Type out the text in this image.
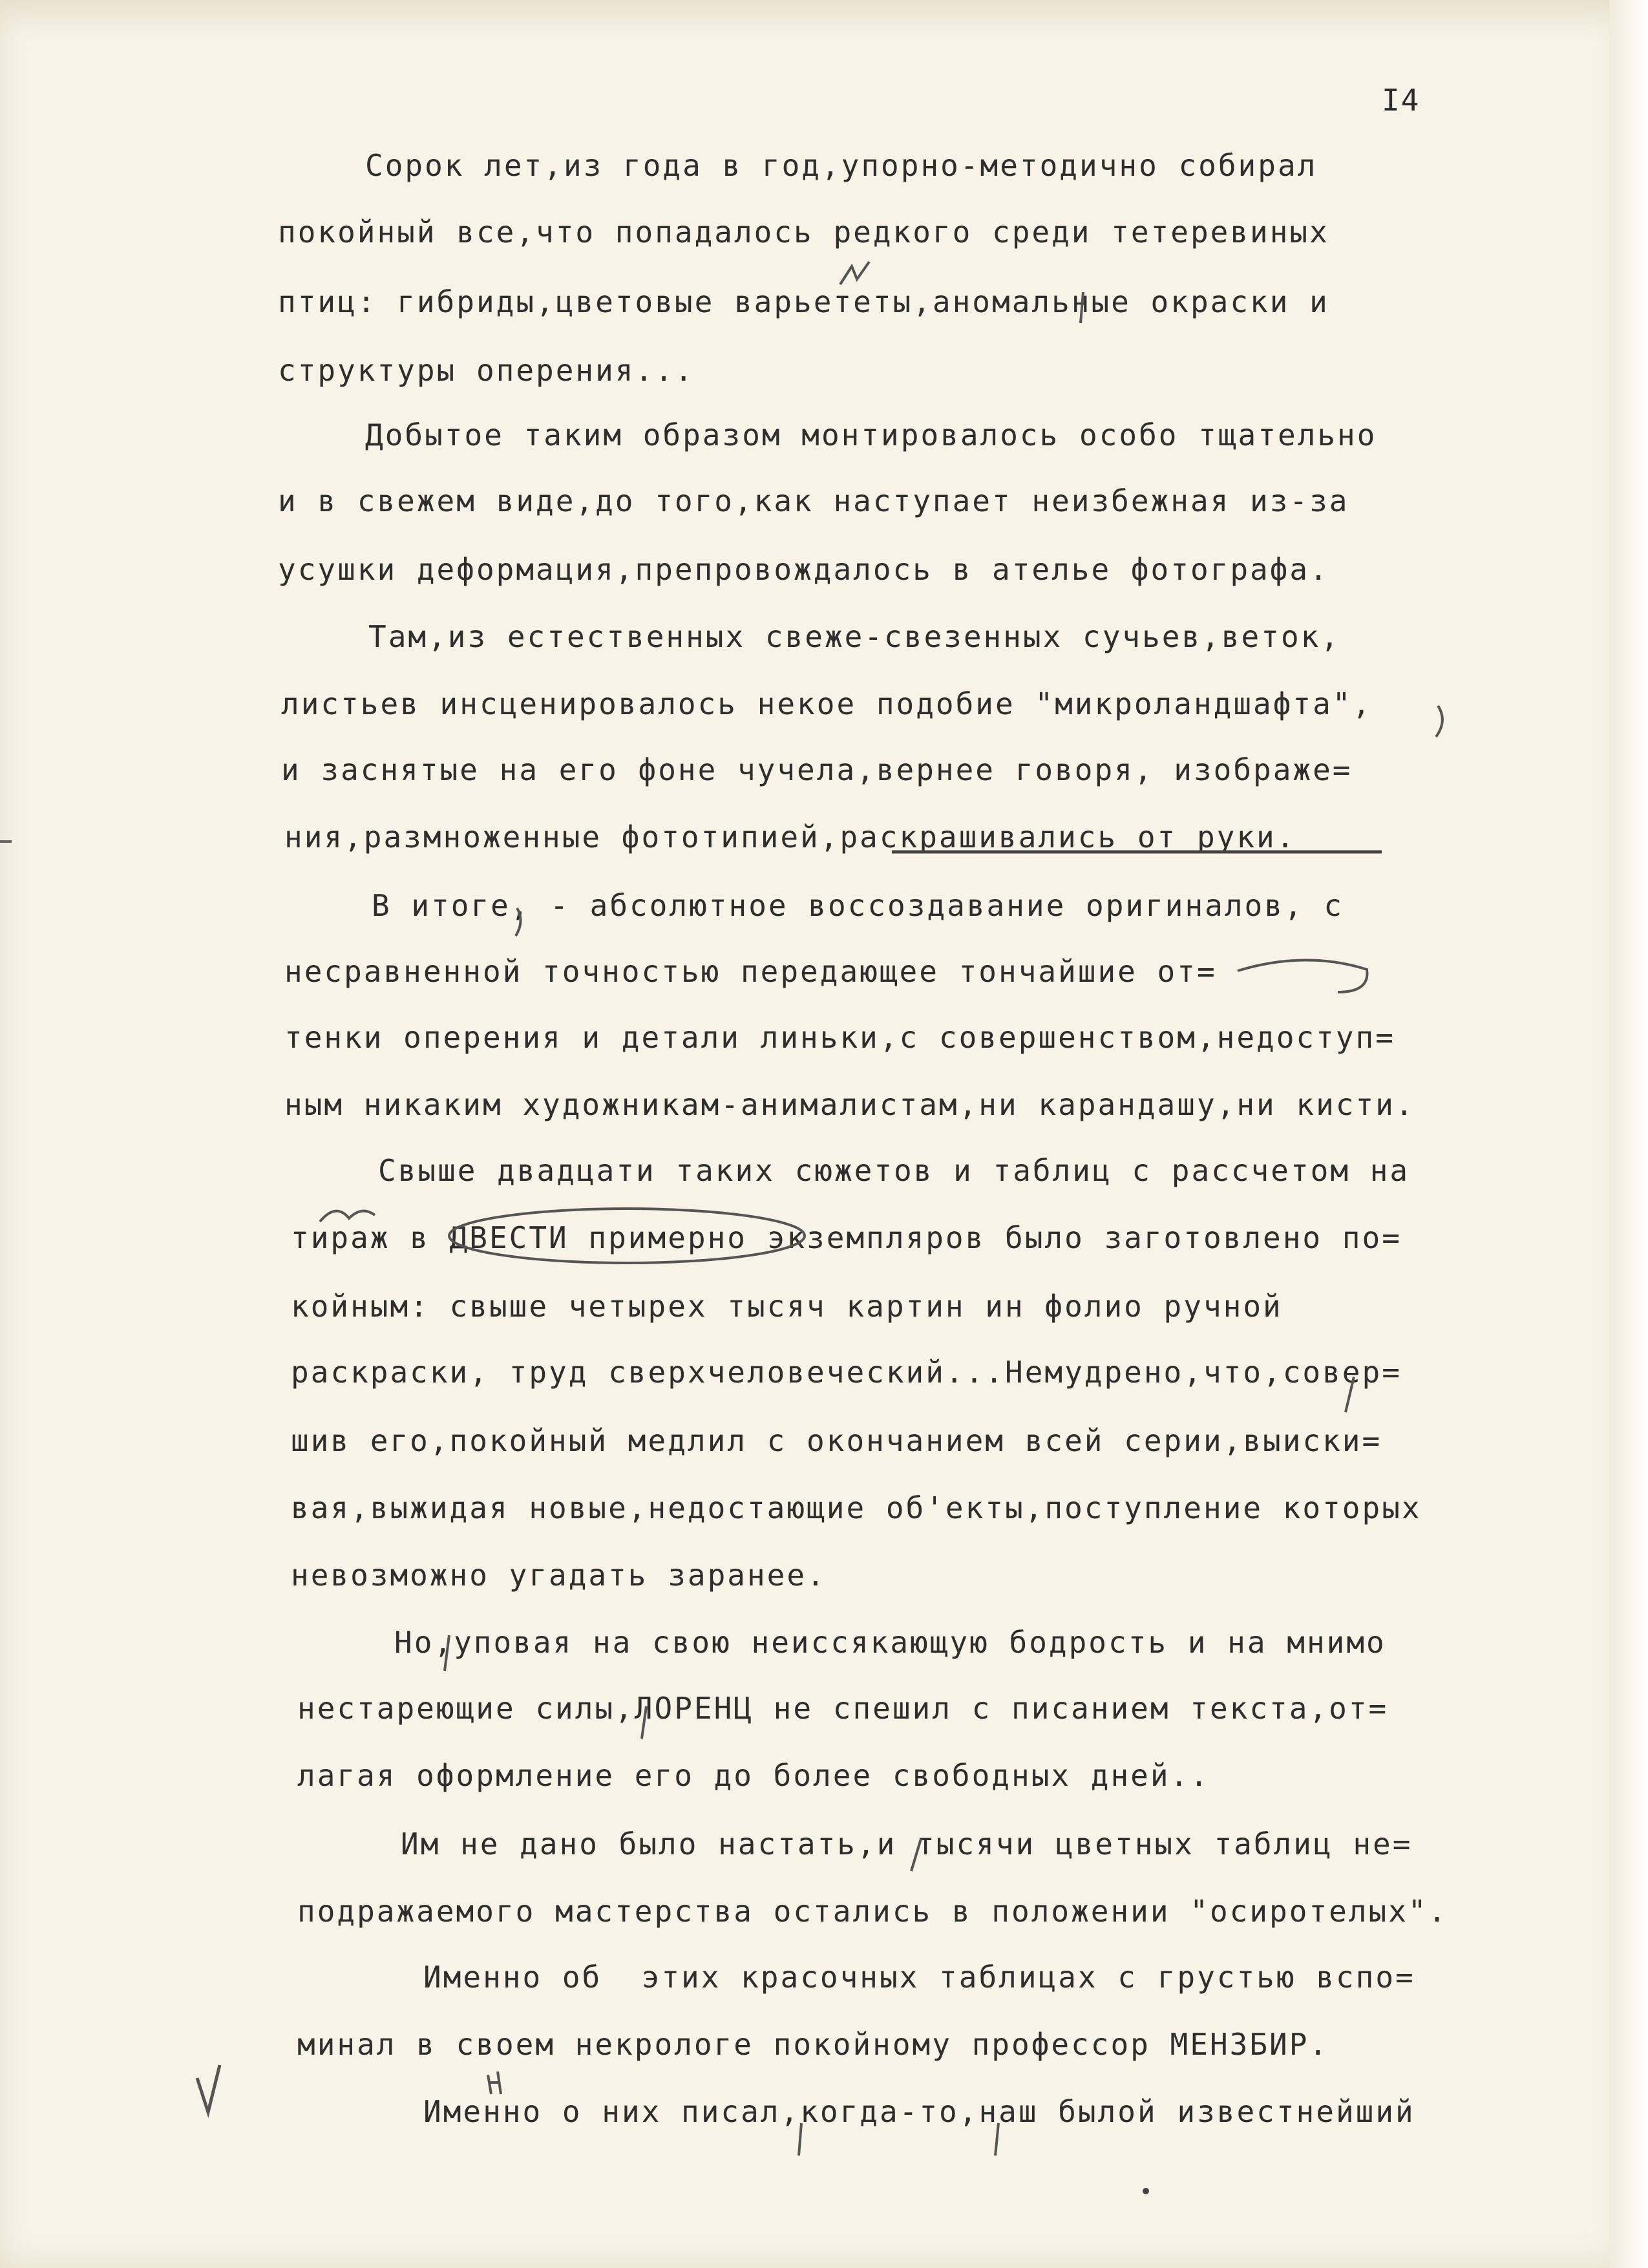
I4
Сорок лет,из года в год,упорно-методично собирал
покойный все,что попадалось редкого среди тетеревиных
птиц: гибриды,цветовые варьететы,аномальные окраски и
структуры оперения...
Добытое таким образом монтировалось особо тщательно
и в свежем виде,до того,как наступает неизбежная из-за
усушки деформация,препровождалось в ателье фотографа.
Там,из естественных свеже-свезенных сучьев,веток,
листьев инсценировалось некое подобие "микроландшафта",
и заснятые на его фоне чучела,вернее говоря, изображе=
ния,размноженные фототипией,раскрашивались от руки.
В итоге, - абсолютное воссоздавание оригиналов, с
несравненной точностью передающее тончайшие от=
тенки оперения и детали линьки,с совершенством,недоступ=
ным никаким художникам-анималистам,ни карандашу,ни кисти.
Свыше двадцати таких сюжетов и таблиц с рассчетом на
тираж в ДВЕСТИ примерно экземпляров было заготовлено по=
койным: свыше четырех тысяч картин ин фолио ручной
раскраски, труд сверхчеловеческий...Немудрено,что,совер=
шив его,покойный медлил с окончанием всей серии,выиски=
вая,выжидая новые,недостающие об'екты,поступление которых
невозможно угадать заранее.
Но,уповая на свою неиссякающую бодрость и на мнимо
нестареющие силы,ЛОРЕНЦ не спешил с писанием текста,от=
лагая оформление его до более свободных дней..
Им не дано было настать,и тысячи цветных таблиц не=
подражаемого мастерства остались в положении "осиротелых".
Именно об  этих красочных таблицах с грустью вспо=
минал в своем некрологе покойному профессор МЕНЗБИР.
Именно о них писал,когда-то,наш былой известнейший
